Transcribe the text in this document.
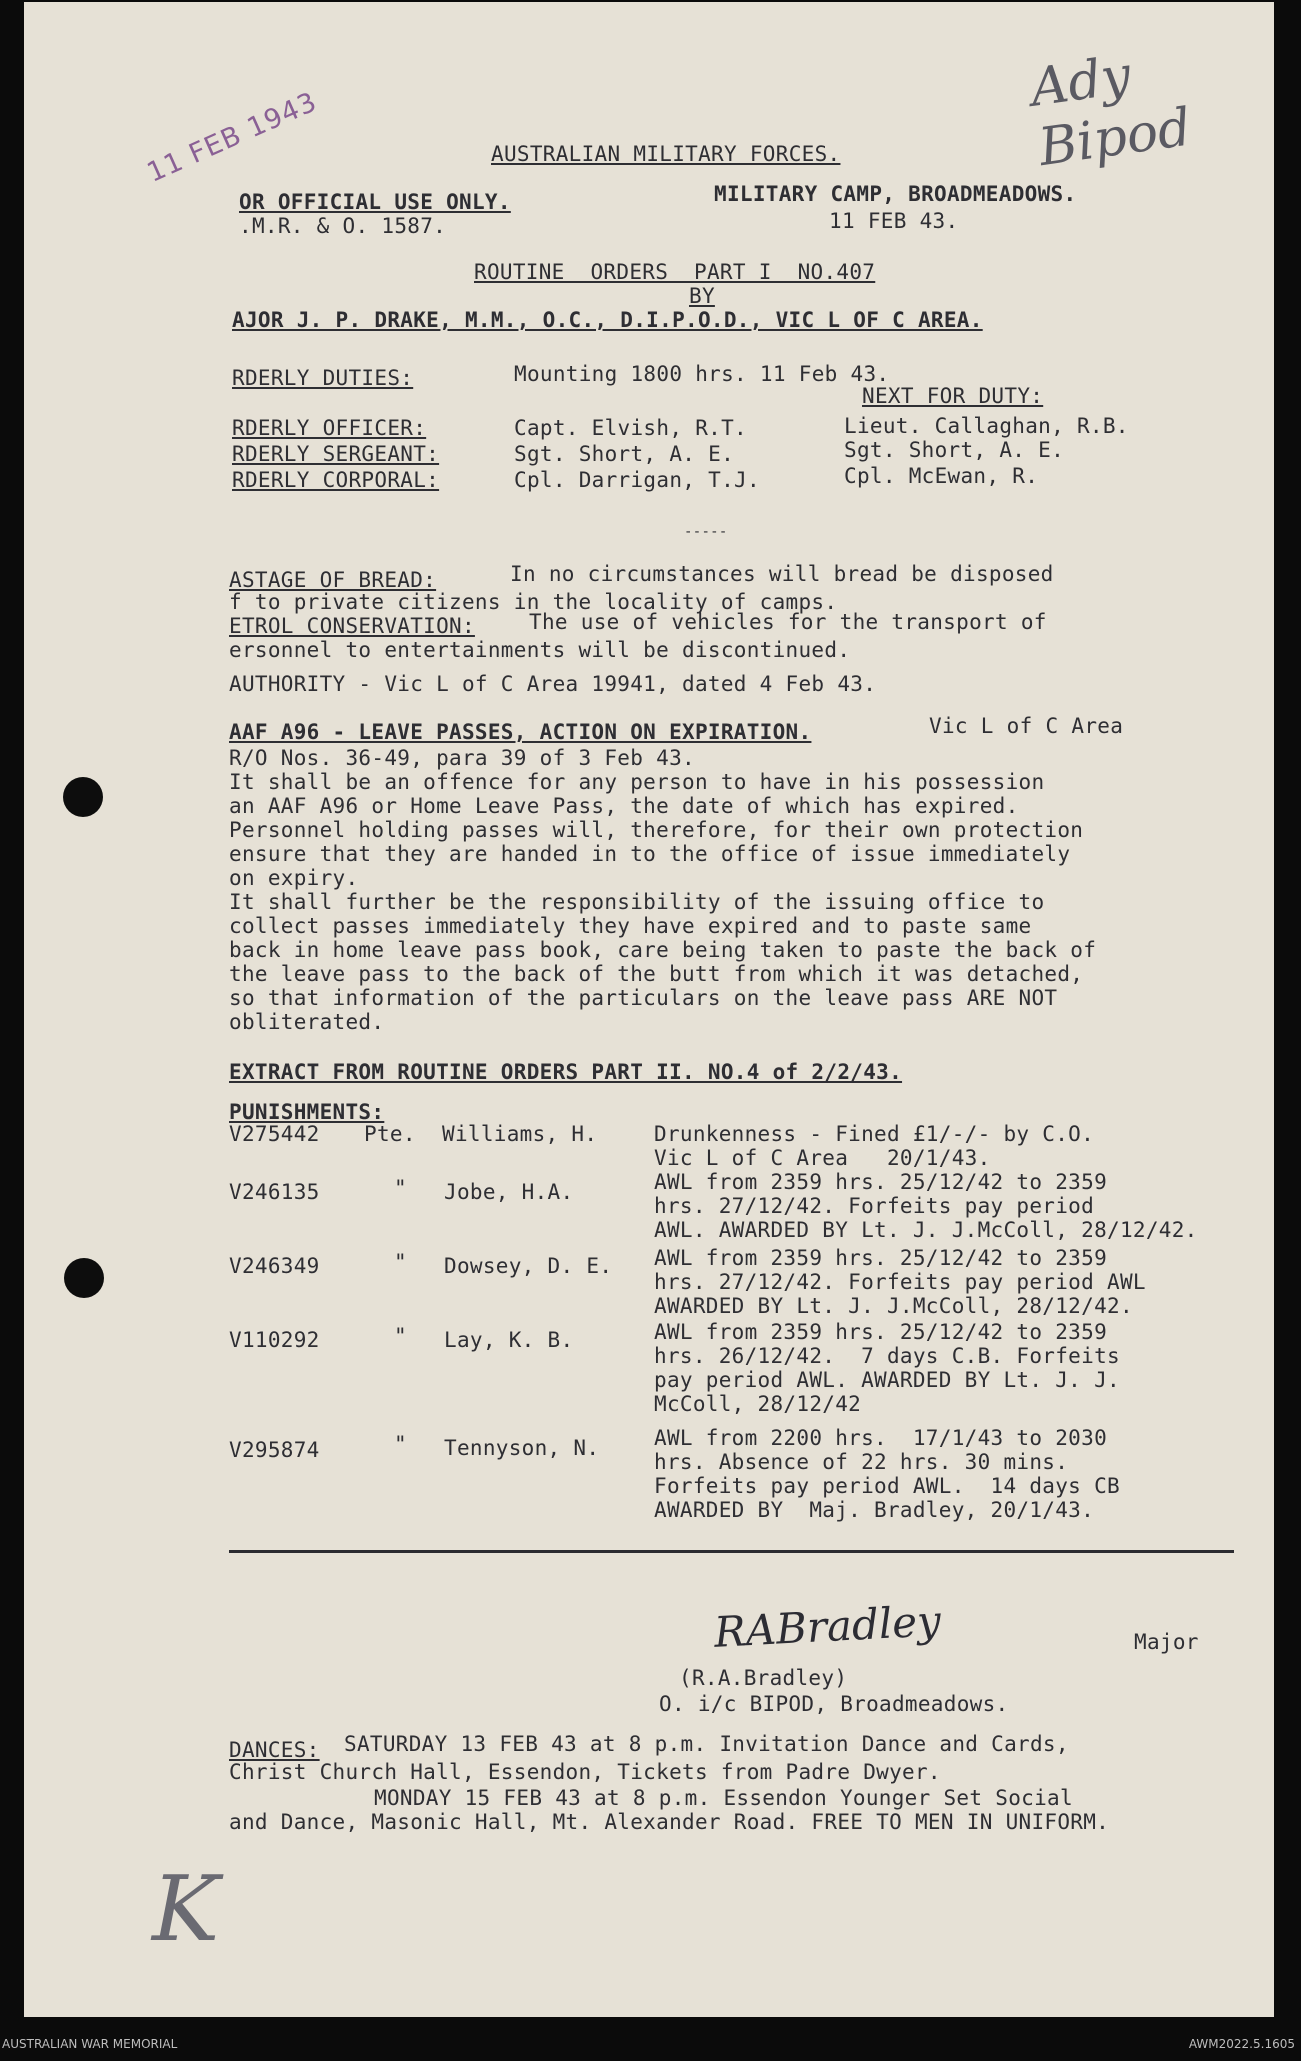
11 FEB 1943
Ady Bipod
AUSTRALIAN MILITARY FORCES.
OR OFFICIAL USE ONLY.
.M.R. & O. 1587.
MILITARY CAMP, BROADMEADOWS.
11 FEB 43.
ROUTINE  ORDERS  PART I  NO.407
BY
AJOR J. P. DRAKE, M.M., O.C., D.I.P.O.D., VIC L OF C AREA.
RDERLY DUTIES:	Mounting 1800 hrs. 11 Feb 43.
NEXT FOR DUTY:
RDERLY OFFICER:	Capt. Elvish, R.T.	Lieut. Callaghan, R.B.
RDERLY SERGEANT:	Sgt. Short, A. E.	Sgt. Short, A. E.
RDERLY CORPORAL:	Cpl. Darrigan, T.J.	Cpl. McEwan, R.
-----
ASTAGE OF BREAD:	In no circumstances will bread be disposed
f to private citizens in the locality of camps.
ETROL CONSERVATION:	The use of vehicles for the transport of
ersonnel to entertainments will be discontinued.
AUTHORITY - Vic L of C Area 19941, dated 4 Feb 43.
AAF A96 - LEAVE PASSES, ACTION ON EXPIRATION.	Vic L of C Area
R/O Nos. 36-49, para 39 of 3 Feb 43.
It shall be an offence for any person to have in his possession
an AAF A96 or Home Leave Pass, the date of which has expired.
Personnel holding passes will, therefore, for their own protection
ensure that they are handed in to the office of issue immediately
on expiry.
It shall further be the responsibility of the issuing office to
collect passes immediately they have expired and to paste same
back in home leave pass book, care being taken to paste the back of
the leave pass to the back of the butt from which it was detached,
so that information of the particulars on the leave pass ARE NOT
obliterated.
EXTRACT FROM ROUTINE ORDERS PART II. NO.4 of 2/2/43.
PUNISHMENTS:
V275442 Pte. Williams, H.	Drunkenness - Fined £1/-/- by C.O.
Vic L of C Area   20/1/43.
V246135	" Jobe, H.A.	AWL from 2359 hrs. 25/12/42 to 2359
hrs. 27/12/42. Forfeits pay period
AWL. AWARDED BY Lt. J. J.McColl, 28/12/42.
V246349	" Dowsey, D. E. AWL from 2359 hrs. 25/12/42 to 2359
hrs. 27/12/42. Forfeits pay period AWL
AWARDED BY Lt. J. J.McColl, 28/12/42.
V110292	" Lay, K. B.	AWL from 2359 hrs. 25/12/42 to 2359
hrs. 26/12/42.  7 days C.B. Forfeits
pay period AWL. AWARDED BY Lt. J. J.
McColl, 28/12/42
V295874	" Tennyson, N.	AWL from 2200 hrs.  17/1/43 to 2030
hrs. Absence of 22 hrs. 30 mins.
Forfeits pay period AWL.  14 days CB
AWARDED BY  Maj. Bradley, 20/1/43.
RABradley	Major
(R.A.Bradley)
O. i/c BIPOD, Broadmeadows.
DANCES: SATURDAY 13 FEB 43 at 8 p.m. Invitation Dance and Cards,
Christ Church Hall, Essendon, Tickets from Padre Dwyer.
MONDAY 15 FEB 43 at 8 p.m. Essendon Younger Set Social
and Dance, Masonic Hall, Mt. Alexander Road. FREE TO MEN IN UNIFORM.
K
AUSTRALIAN WAR MEMORIAL	AWM2022.5.1605
